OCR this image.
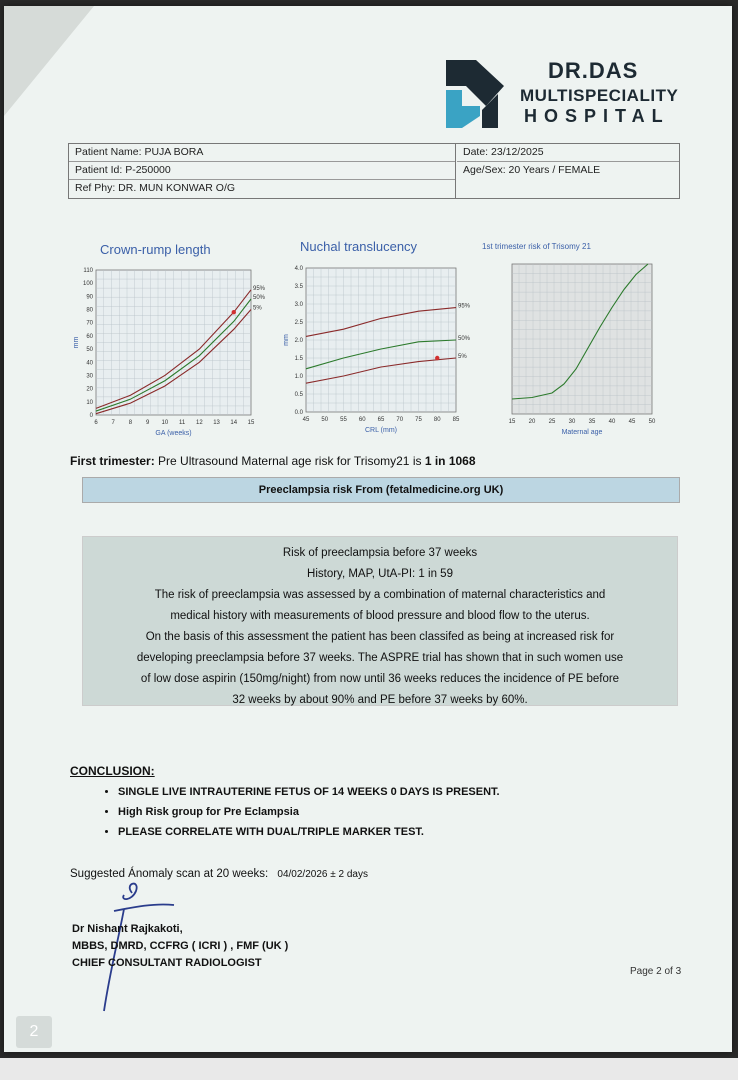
DR.DAS
MULTISPECIALITY
HOSPITAL
Patient Name: PUJA BORA
Patient Id: P-250000
Ref Phy: DR. MUN KONWAR O/G
Date: 23/12/2025
Age/Sex: 20 Years / FEMALE
Crown-rump length
6 7 8 9 10 11 12 13 14 15
0
10
20
30
40
50
60
70
80
90
100
110
GA (weeks)
mm
95%
50%
5%
Nuchal translucency
45 50 55 60 65 70 75 80 85
0.0
0.5
1.0
1.5
2.0
2.5
3.0
3.5
4.0
CRL (mm)
mm
95%
50%
5%
1st trimester risk of Trisomy 21
15 20 25 30 35 40 45 50
Maternal age
First trimester: Pre Ultrasound Maternal age risk for Trisomy21 is 1 in 1068
Preeclampsia risk From (fetalmedicine.org UK)
Risk of preeclampsia before 37 weeks
History, MAP, UtA-PI: 1 in 59
The risk of preeclampsia was assessed by a combination of maternal characteristics and
medical history with measurements of blood pressure and blood flow to the uterus.
On the basis of this assessment the patient has been classifed as being at increased risk for
developing preeclampsia before 37 weeks. The ASPRE trial has shown that in such women use
of low dose aspirin (150mg/night) from now until 36 weeks reduces the incidence of PE before
32 weeks by about 90% and PE before 37 weeks by 60%.
CONCLUSION:
• SINGLE LIVE INTRAUTERINE FETUS OF 14 WEEKS 0 DAYS IS PRESENT.
• High Risk group for Pre Eclampsia
• PLEASE CORRELATE WITH DUAL/TRIPLE MARKER TEST.
Suggested Ánomaly scan at 20 weeks: 04/02/2026 ± 2 days
Dr Nishant Rajkakoti,
MBBS, DMRD, CCFRG ( ICRI ) , FMF (UK )
CHIEF CONSULTANT RADIOLOGIST
Page 2 of 3
2
